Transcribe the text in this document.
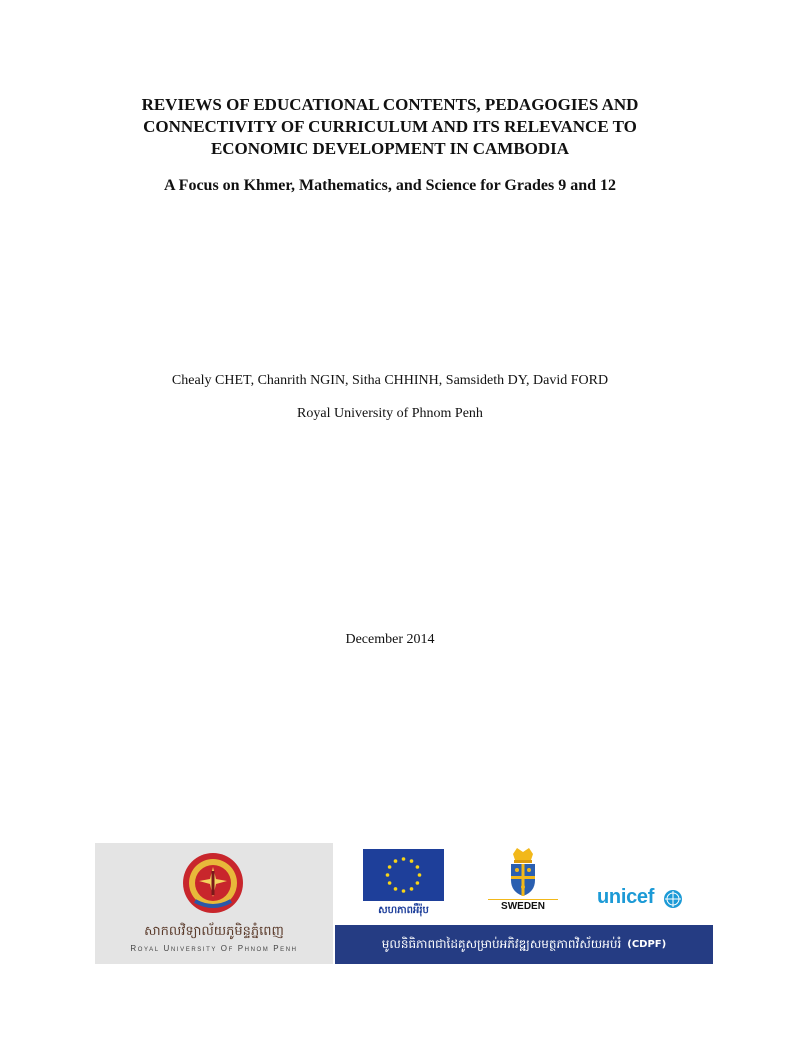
REVIEWS OF EDUCATIONAL CONTENTS, PEDAGOGIES AND
CONNECTIVITY OF CURRICULUM AND ITS RELEVANCE TO
ECONOMIC DEVELOPMENT IN CAMBODIA
A Focus on Khmer, Mathematics, and Science for Grades 9 and 12
Chealy CHET, Chanrith NGIN, Sitha CHHINH, Samsideth DY, David FORD
Royal University of Phnom Penh
December 2014
សាកលវិទ្យាល័យភូមិន្ទភ្នំពេញ
Royal University Of Phnom Penh
សហភាពអឺរ៉ុប	SWEDEN	unicef
មូលនិធិភាពជាដៃគូសម្រាប់អភិវឌ្ឍសមត្ថភាពវិស័យអប់រំ (CDPF)
